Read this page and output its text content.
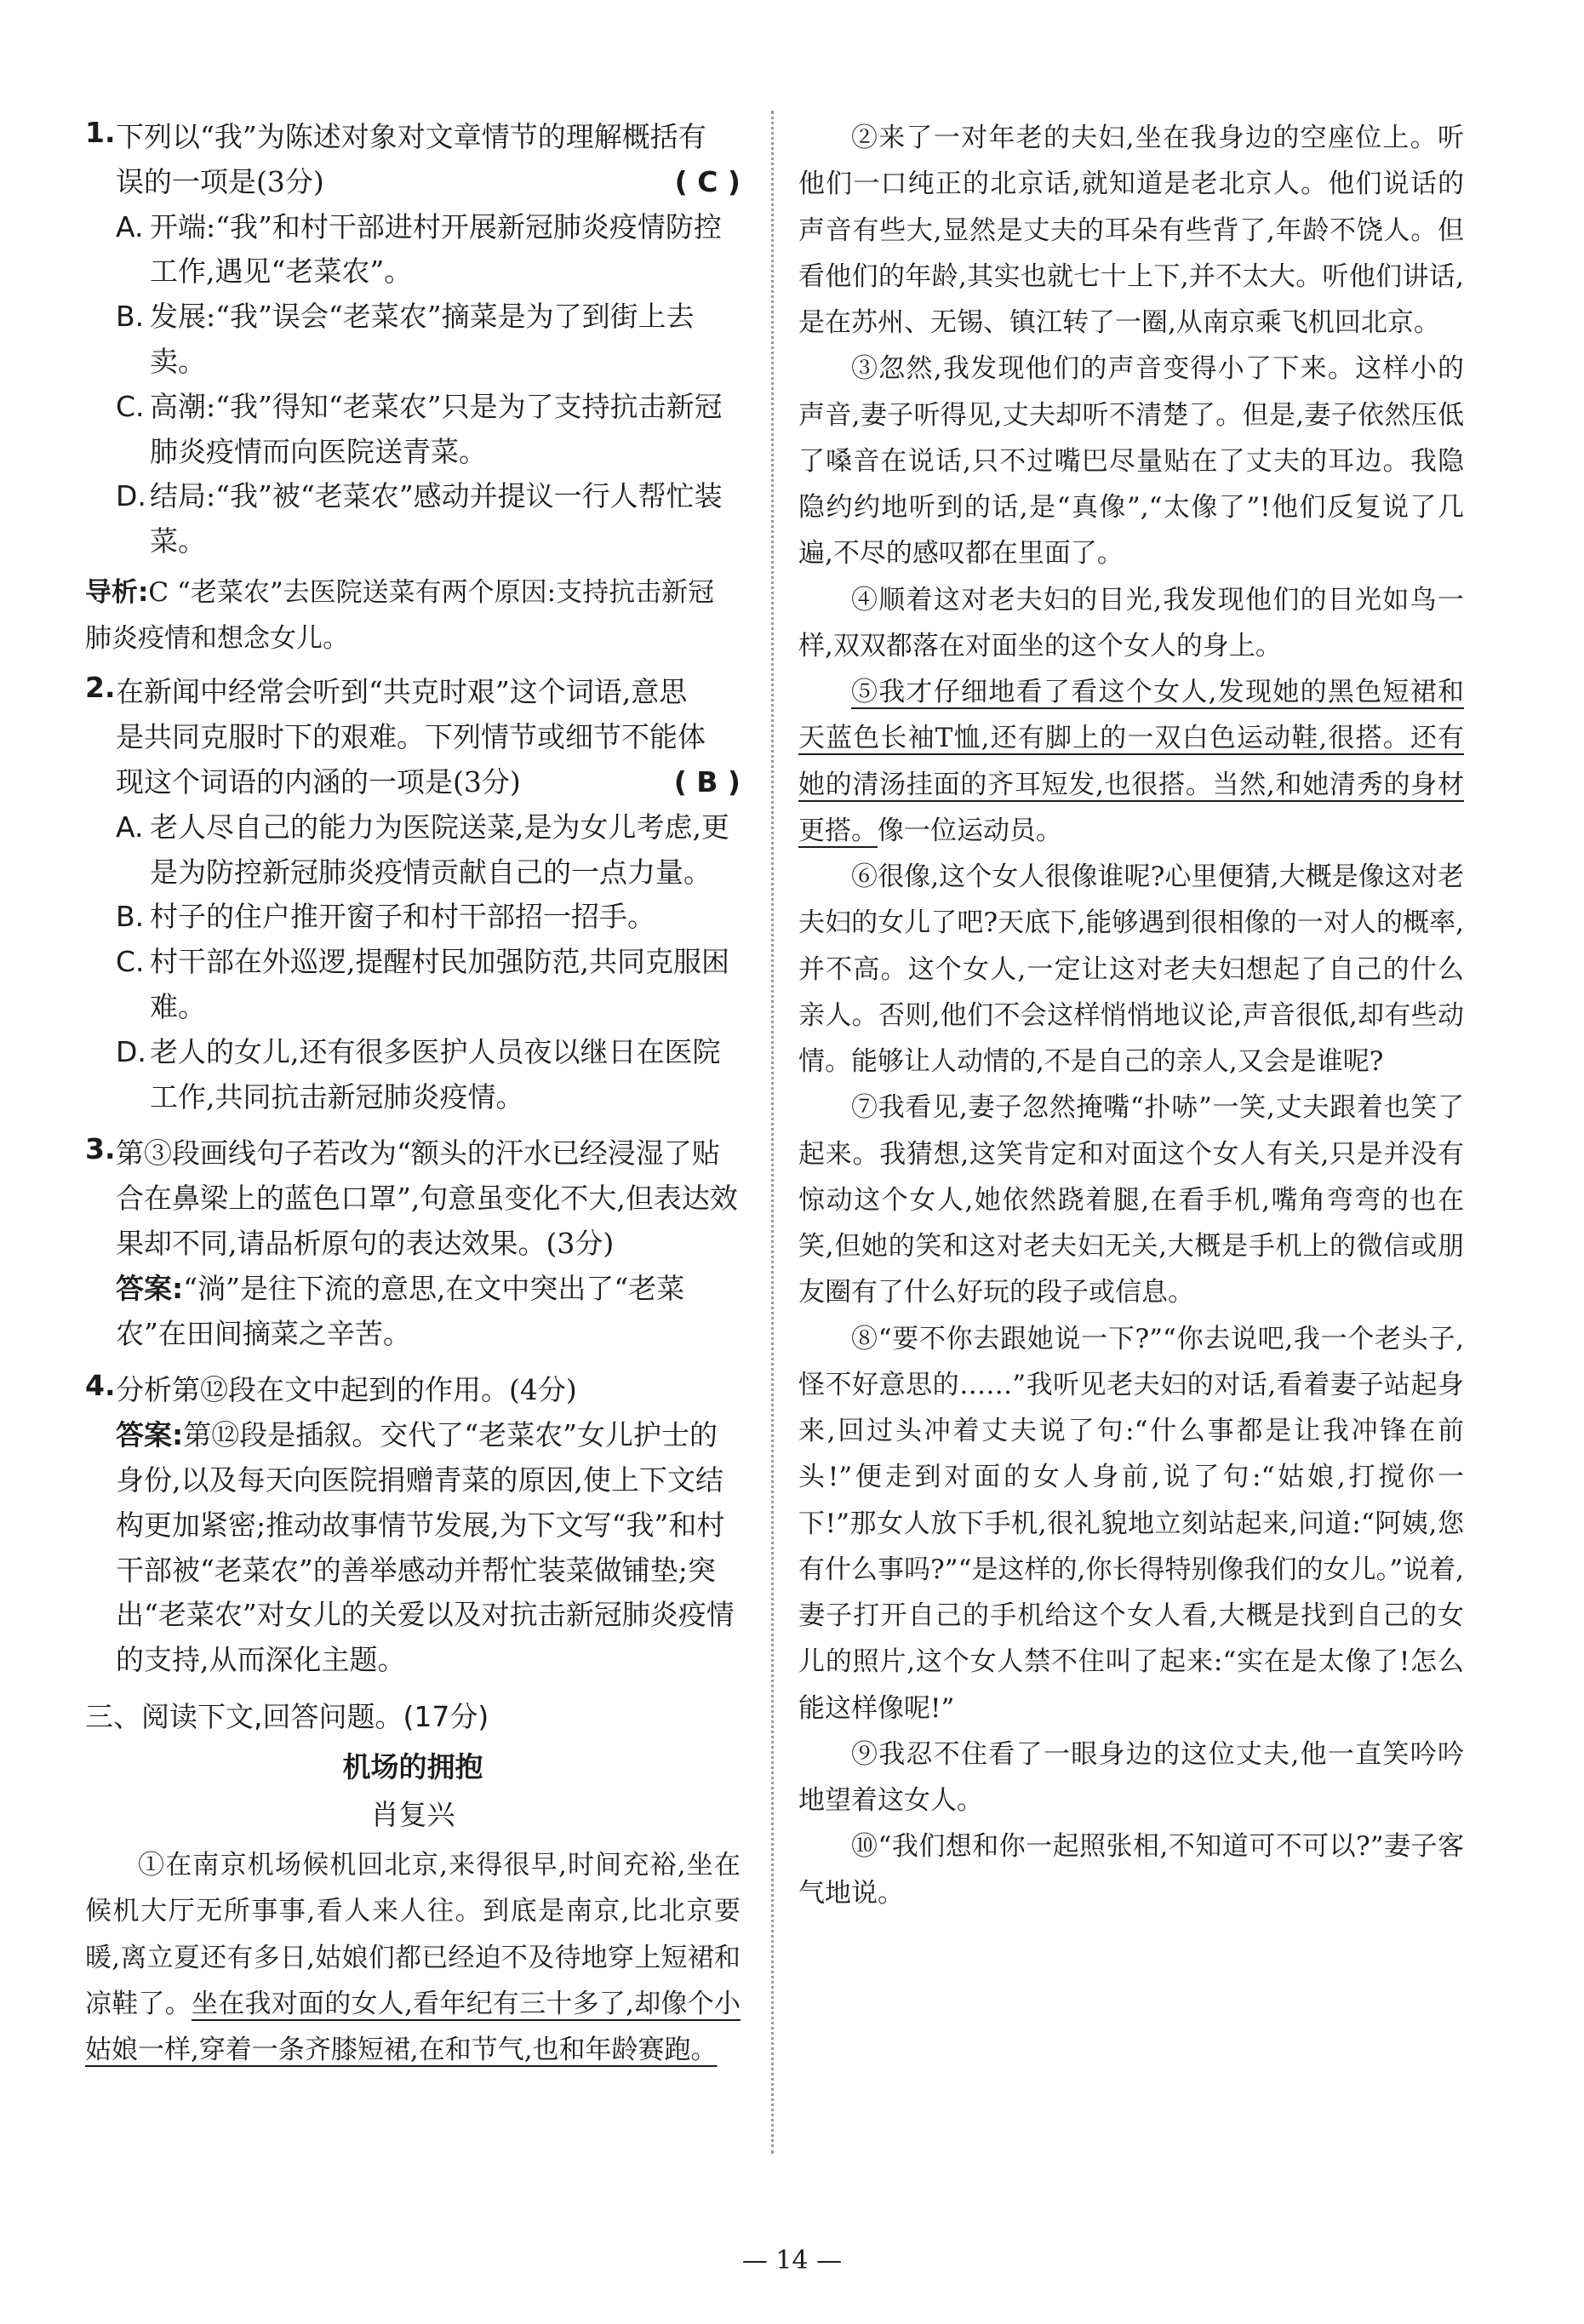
1. 下列以“我”为陈述对象对文章情节的理解概括有
误的一项是(3分)	( C )

A. 开端:“我”和村干部进村开展新冠肺炎疫情防控工作,遇见“老菜农”。
B. 发展:“我”误会“老菜农”摘菜是为了到街上去卖。
C. 高潮:“我”得知“老菜农”只是为了支持抗击新冠肺炎疫情而向医院送青菜。
D. 结局:“我”被“老菜农”感动并提议一行人帮忙装菜。

导析:C “老菜农”去医院送菜有两个原因:支持抗击新冠肺炎疫情和想念女儿。

2. 在新闻中经常会听到“共克时艰”这个词语,意思
是共同克服时下的艰难。下列情节或细节不能体
现这个词语的内涵的一项是(3分)	( B )

A. 老人尽自己的能力为医院送菜,是为女儿考虑,更是为防控新冠肺炎疫情贡献自己的一点力量。
B. 村子的住户推开窗子和村干部招一招手。
C. 村干部在外巡逻,提醒村民加强防范,共同克服困难。
D. 老人的女儿,还有很多医护人员夜以继日在医院工作,共同抗击新冠肺炎疫情。
3. 第③段画线句子若改为“额头的汗水已经浸湿了贴合在鼻梁上的蓝色口罩”,句意虽变化不大,但表达效果却不同,请品析原句的表达效果。(3分)

答案:“淌”是往下流的意思,在文中突出了“老菜农”在田间摘菜之辛苦。

4. 分析第⑫段在文中起到的作用。(4分)

答案:第⑫段是插叙。交代了“老菜农”女儿护士的身份,以及每天向医院捐赠青菜的原因,使上下文结构更加紧密;推动故事情节发展,为下文写“我”和村干部被“老菜农”的善举感动并帮忙装菜做铺垫;突出“老菜农”对女儿的关爱以及对抗击新冠肺炎疫情的支持,从而深化主题。

三、阅读下文,回答问题。(17分)

机场的拥抱

肖复兴

①在南京机场候机回北京,来得很早,时间充裕,坐在候机大厅无所事事,看人来人往。到底是南京,比北京要暖,离立夏还有多日,姑娘们都已经迫不及待地穿上短裙和凉鞋了。坐在我对面的女人,看年纪有三十多了,却像个小姑娘一样,穿着一条齐膝短裙,在和节气,也和年龄赛跑。

②来了一对年老的夫妇,坐在我身边的空座位上。听他们一口纯正的北京话,就知道是老北京人。他们说话的声音有些大,显然是丈夫的耳朵有些背了,年龄不饶人。但看他们的年龄,其实也就七十上下,并不太大。听他们讲话,是在苏州、无锡、镇江转了一圈,从南京乘飞机回北京。

③忽然,我发现他们的声音变得小了下来。这样小的声音,妻子听得见,丈夫却听不清楚了。但是,妻子依然压低了嗓音在说话,只不过嘴巴尽量贴在了丈夫的耳边。我隐隐约约地听到的话,是“真像”,“太像了”!他们反复说了几遍,不尽的感叹都在里面了。

④顺着这对老夫妇的目光,我发现他们的目光如鸟一样,双双都落在对面坐的这个女人的身上。

⑤我才仔细地看了看这个女人,发现她的黑色短裙和天蓝色长袖T恤,还有脚上的一双白色运动鞋,很搭。还有她的清汤挂面的齐耳短发,也很搭。当然,和她清秀的身材更搭。像一位运动员。

⑥很像,这个女人很像谁呢?心里便猜,大概是像这对老夫妇的女儿了吧?天底下,能够遇到很相像的一对人的概率,并不高。这个女人,一定让这对老夫妇想起了自己的什么亲人。否则,他们不会这样悄悄地议论,声音很低,却有些动情。能够让人动情的,不是自己的亲人,又会是谁呢?

⑦我看见,妻子忽然掩嘴“扑哧”一笑,丈夫跟着也笑了起来。我猜想,这笑肯定和对面这个女人有关,只是并没有惊动这个女人,她依然跷着腿,在看手机,嘴角弯弯的也在笑,但她的笑和这对老夫妇无关,大概是手机上的微信或朋友圈有了什么好玩的段子或信息。

⑧“要不你去跟她说一下?”“你去说吧,我一个老头子,怪不好意思的……”我听见老夫妇的对话,看着妻子站起身来,回过头冲着丈夫说了句:“什么事都是让我冲锋在前头!”便走到对面的女人身前,说了句:“姑娘,打搅你一下!”那女人放下手机,很礼貌地立刻站起来,问道:“阿姨,您有什么事吗?”“是这样的,你长得特别像我们的女儿。”说着,妻子打开自己的手机给这个女人看,大概是找到自己的女儿的照片,这个女人禁不住叫了起来:“实在是太像了!怎么能这样像呢!”

⑨我忍不住看了一眼身边的这位丈夫,他一直笑吟吟地望着这女人。

⑩“我们想和你一起照张相,不知道可不可以?”妻子客气地说。

— 14 —
